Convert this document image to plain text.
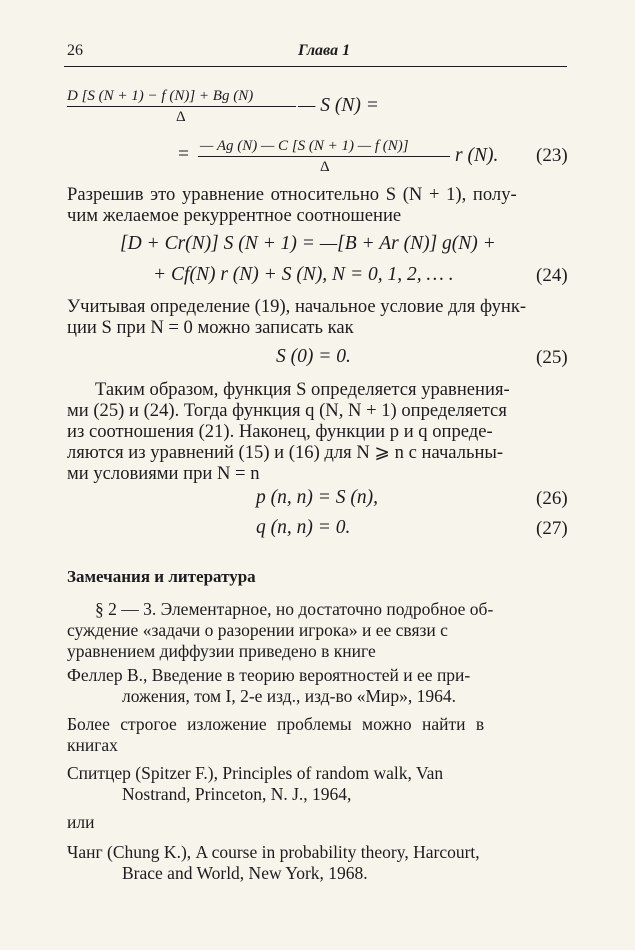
26	Глава 1
D [S (N + 1) − f (N)] + Bg (N)
Δ
— S (N) =
= — Ag (N) — C [S (N + 1) — f (N)]
Δ
r (N). (23)
Разрешив это уравнение относительно S (N + 1), полу-
чим желаемое рекуррентное соотношение
[D + Cr(N)] S (N + 1) = —[B + Ar (N)] g(N) +
+ Cf(N) r (N) + S (N), N = 0, 1, 2, … .	(24)
Учитывая определение (19), начальное условие для функ-
ции S при N = 0 можно записать как
S (0) = 0.	(25)
Таким образом, функция S определяется уравнения-
ми (25) и (24). Тогда функция q (N, N + 1) определяется
из соотношения (21). Наконец, функции p и q опреде-
ляются из уравнений (15) и (16) для N ⩾ n с начальны-
ми условиями при N = n
p (n, n) = S (n),	(26)
q (n, n) = 0.	(27)
Замечания и литература
§ 2 — 3. Элементарное, но достаточно подробное об-
суждение «задачи о разорении игрока» и ее связи с
уравнением диффузии приведено в книге
Феллер В., Введение в теорию вероятностей и ее при-
ложения, том I, 2-е изд., изд-во «Мир», 1964.
Более строгое изложение проблемы можно найти в
книгах
Спитцер (Spitzer F.), Principles of random walk, Van
Nostrand, Princeton, N. J., 1964,
или
Чанг (Chung K.), A course in probability theory, Harcourt,
Brace and World, New York, 1968.
